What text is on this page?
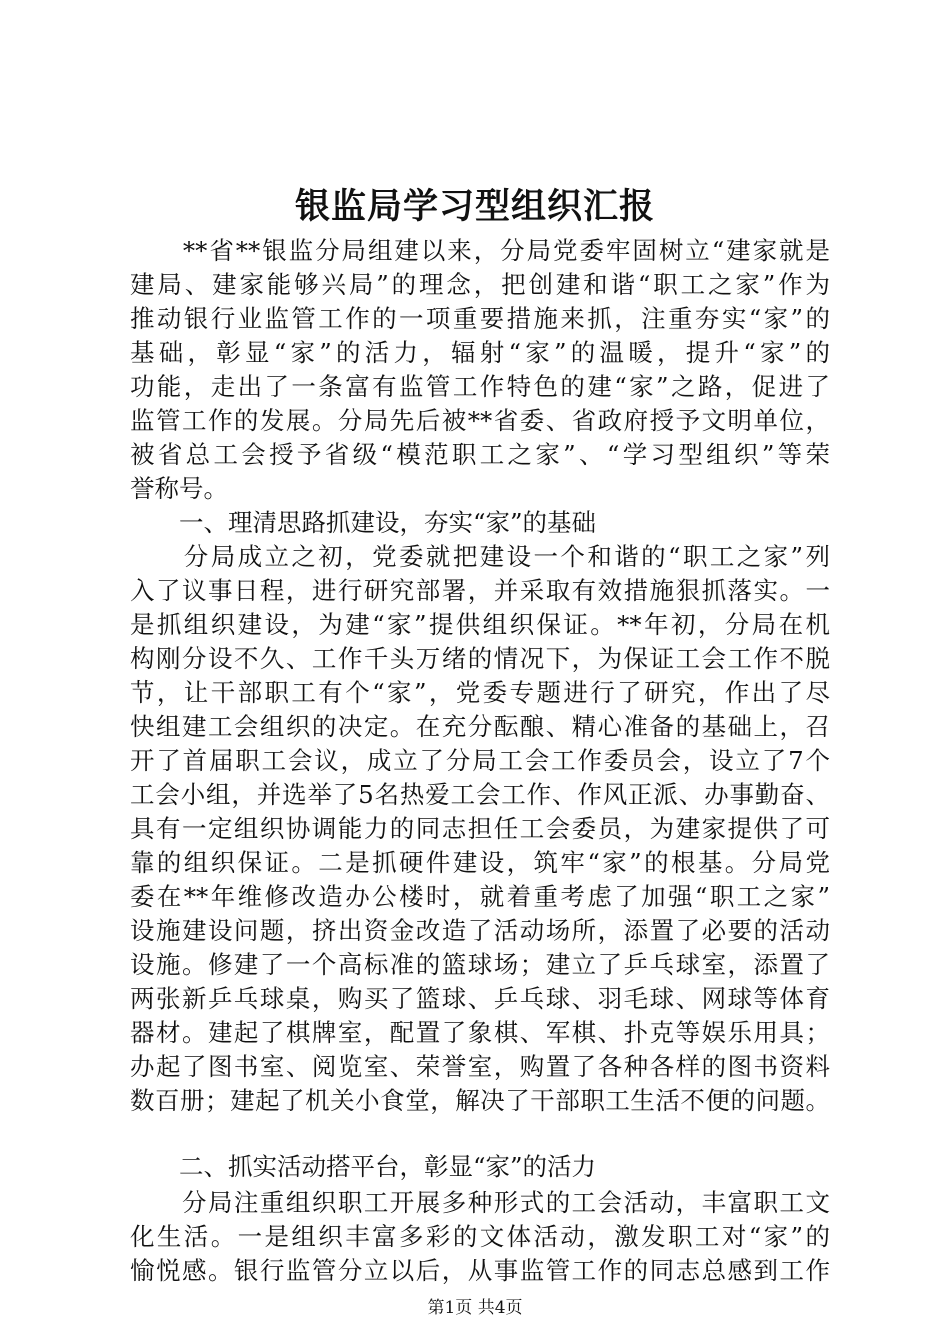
银监局学习型组织汇报
　　**省**银监分局组建以来，分局党委牢固树立“建家就是
建局、建家能够兴局”的理念，把创建和谐“职工之家”作为
推动银行业监管工作的一项重要措施来抓，注重夯实“家”的
基础，彰显“家”的活力，辐射“家”的温暖，提升“家”的
功能，走出了一条富有监管工作特色的建“家”之路，促进了
监管工作的发展。分局先后被**省委、省政府授予文明单位，
被省总工会授予省级“模范职工之家”、“学习型组织”等荣
誉称号。
　　一、理清思路抓建设，夯实“家”的基础
　　分局成立之初，党委就把建设一个和谐的“职工之家”列
入了议事日程，进行研究部署，并采取有效措施狠抓落实。一
是抓组织建设，为建“家”提供组织保证。**年初，分局在机
构刚分设不久、工作千头万绪的情况下，为保证工会工作不脱
节，让干部职工有个“家”，党委专题进行了研究，作出了尽
快组建工会组织的决定。在充分酝酿、精心准备的基础上，召
开了首届职工会议，成立了分局工会工作委员会，设立了7个
工会小组，并选举了5名热爱工会工作、作风正派、办事勤奋、
具有一定组织协调能力的同志担任工会委员，为建家提供了可
靠的组织保证。二是抓硬件建设，筑牢“家”的根基。分局党
委在**年维修改造办公楼时，就着重考虑了加强“职工之家”
设施建设问题，挤出资金改造了活动场所，添置了必要的活动
设施。修建了一个高标准的篮球场；建立了乒乓球室，添置了
两张新乒乓球桌，购买了篮球、乒乓球、羽毛球、网球等体育
器材。建起了棋牌室，配置了象棋、军棋、扑克等娱乐用具；
办起了图书室、阅览室、荣誉室，购置了各种各样的图书资料
数百册；建起了机关小食堂，解决了干部职工生活不便的问题。
　　二、抓实活动搭平台，彰显“家”的活力
　　分局注重组织职工开展多种形式的工会活动，丰富职工文
化生活。一是组织丰富多彩的文体活动，激发职工对“家”的
愉悦感。银行监管分立以后，从事监管工作的同志总感到工作
第1页 共4页
